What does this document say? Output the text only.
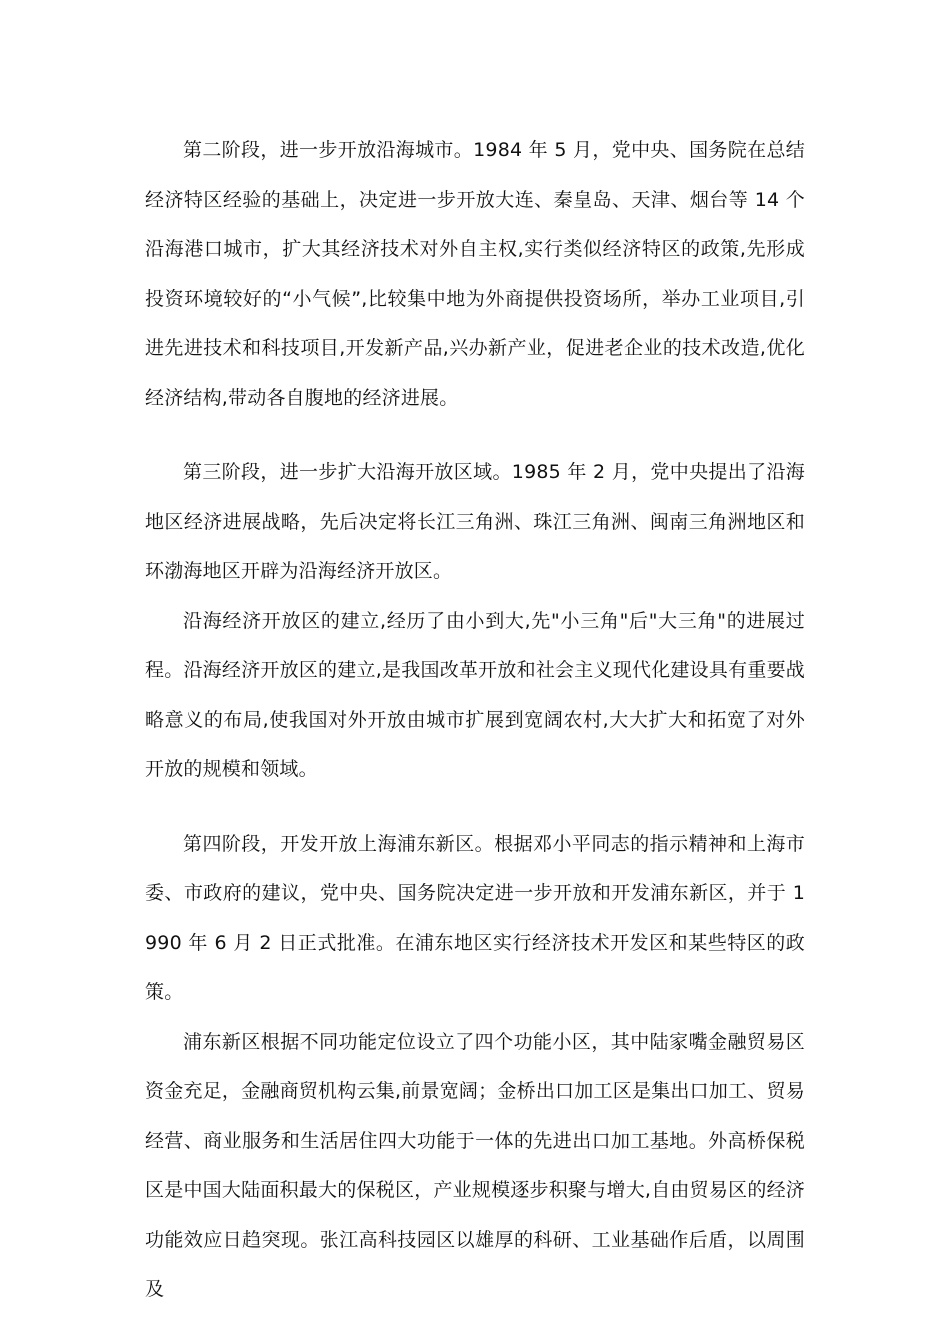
第二阶段，进一步开放沿海城市。1984 年 5 月，党中央、国务院在总结经济特区经验的基础上，决定进一步开放大连、秦皇岛、天津、烟台等 14 个沿海港口城市，扩大其经济技术对外自主权,实行类似经济特区的政策,先形成投资环境较好的“小气候”,比较集中地为外商提供投资场所，举办工业项目,引进先进技术和科技项目,开发新产品,兴办新产业，促进老企业的技术改造,优化经济结构,带动各自腹地的经济进展。

第三阶段，进一步扩大沿海开放区域。1985 年 2 月，党中央提出了沿海地区经济进展战略，先后决定将长江三角洲、珠江三角洲、闽南三角洲地区和环渤海地区开辟为沿海经济开放区。

沿海经济开放区的建立,经历了由小到大,先"小三角"后"大三角"的进展过程。沿海经济开放区的建立,是我国改革开放和社会主义现代化建设具有重要战略意义的布局,使我国对外开放由城市扩展到宽阔农村,大大扩大和拓宽了对外开放的规模和领域。

第四阶段，开发开放上海浦东新区。根据邓小平同志的指示精神和上海市委、市政府的建议，党中央、国务院决定进一步开放和开发浦东新区，并于 1990 年 6 月 2 日正式批准。在浦东地区实行经济技术开发区和某些特区的政策。

浦东新区根据不同功能定位设立了四个功能小区，其中陆家嘴金融贸易区资金充足，金融商贸机构云集,前景宽阔；金桥出口加工区是集出口加工、贸易经营、商业服务和生活居住四大功能于一体的先进出口加工基地。外高桥保税区是中国大陆面积最大的保税区，产业规模逐步积聚与增大,自由贸易区的经济功能效应日趋突现。张江高科技园区以雄厚的科研、工业基础作后盾，以周围及
